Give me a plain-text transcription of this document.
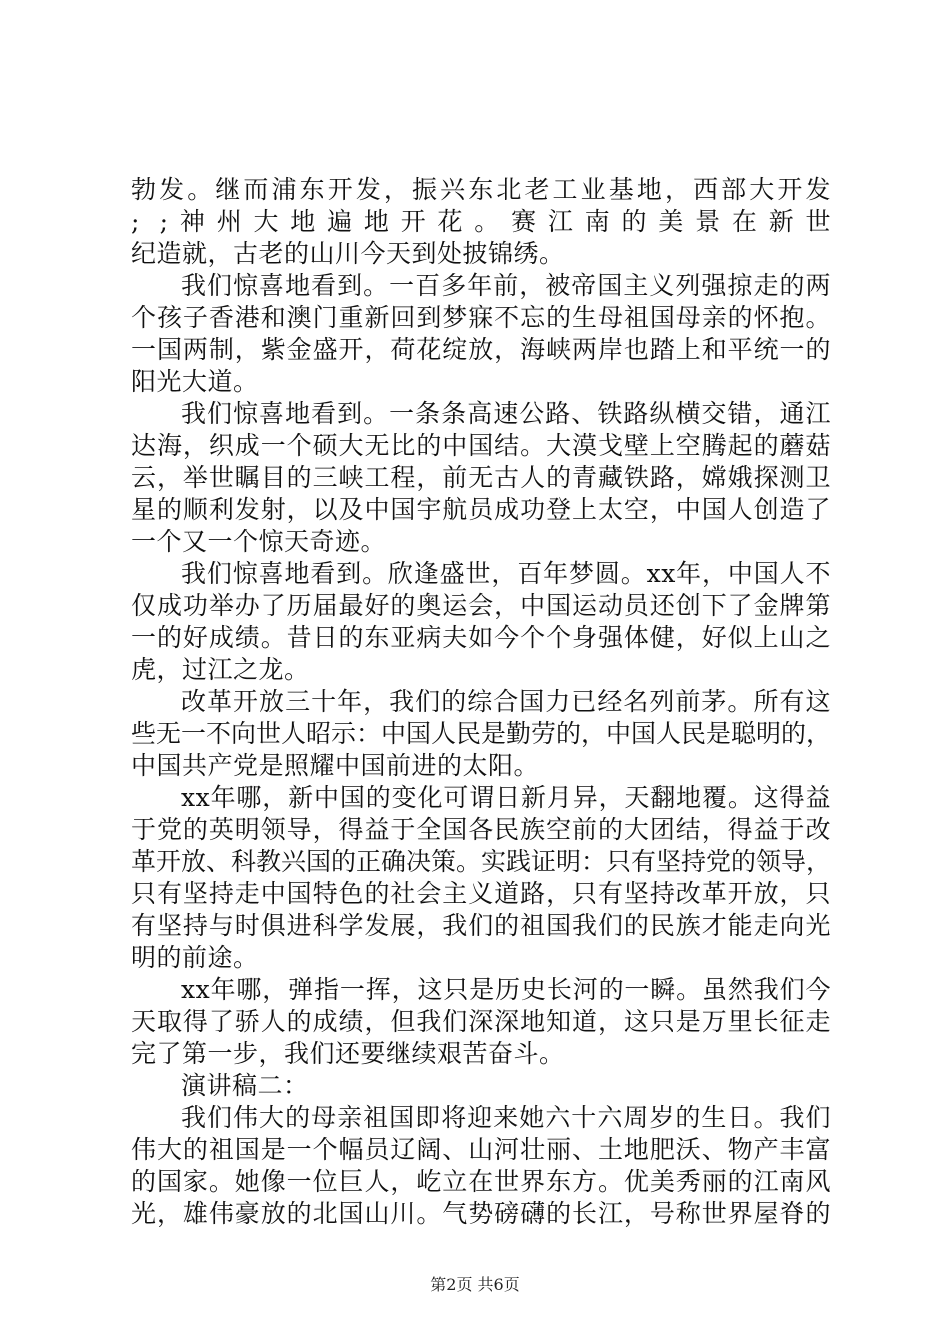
勃发。继而浦东开发，振兴东北老工业基地，西部大开发
; ;神州大地遍地开花。赛江南的美景在新世
纪造就，古老的山川今天到处披锦绣。
我们惊喜地看到。一百多年前，被帝国主义列强掠走的两
个孩子香港和澳门重新回到梦寐不忘的生母祖国母亲的怀抱。
一国两制，紫金盛开，荷花绽放，海峡两岸也踏上和平统一的
阳光大道。
我们惊喜地看到。一条条高速公路、铁路纵横交错，通江
达海，织成一个硕大无比的中国结。大漠戈壁上空腾起的蘑菇
云，举世瞩目的三峡工程，前无古人的青藏铁路，嫦娥探测卫
星的顺利发射，以及中国宇航员成功登上太空，中国人创造了
一个又一个惊天奇迹。
我们惊喜地看到。欣逢盛世，百年梦圆。xx年，中国人不
仅成功举办了历届最好的奥运会，中国运动员还创下了金牌第
一的好成绩。昔日的东亚病夫如今个个身强体健，好似上山之
虎，过江之龙。
改革开放三十年，我们的综合国力已经名列前茅。所有这
些无一不向世人昭示：中国人民是勤劳的，中国人民是聪明的，
中国共产党是照耀中国前进的太阳。
xx年哪，新中国的变化可谓日新月异，天翻地覆。这得益
于党的英明领导，得益于全国各民族空前的大团结，得益于改
革开放、科教兴国的正确决策。实践证明：只有坚持党的领导，
只有坚持走中国特色的社会主义道路，只有坚持改革开放，只
有坚持与时俱进科学发展，我们的祖国我们的民族才能走向光
明的前途。
xx年哪，弹指一挥，这只是历史长河的一瞬。虽然我们今
天取得了骄人的成绩，但我们深深地知道，这只是万里长征走
完了第一步，我们还要继续艰苦奋斗。
演讲稿二：
我们伟大的母亲祖国即将迎来她六十六周岁的生日。我们
伟大的祖国是一个幅员辽阔、山河壮丽、土地肥沃、物产丰富
的国家。她像一位巨人，屹立在世界东方。优美秀丽的江南风
光，雄伟豪放的北国山川。气势磅礴的长江，号称世界屋脊的
第2页 共6页
